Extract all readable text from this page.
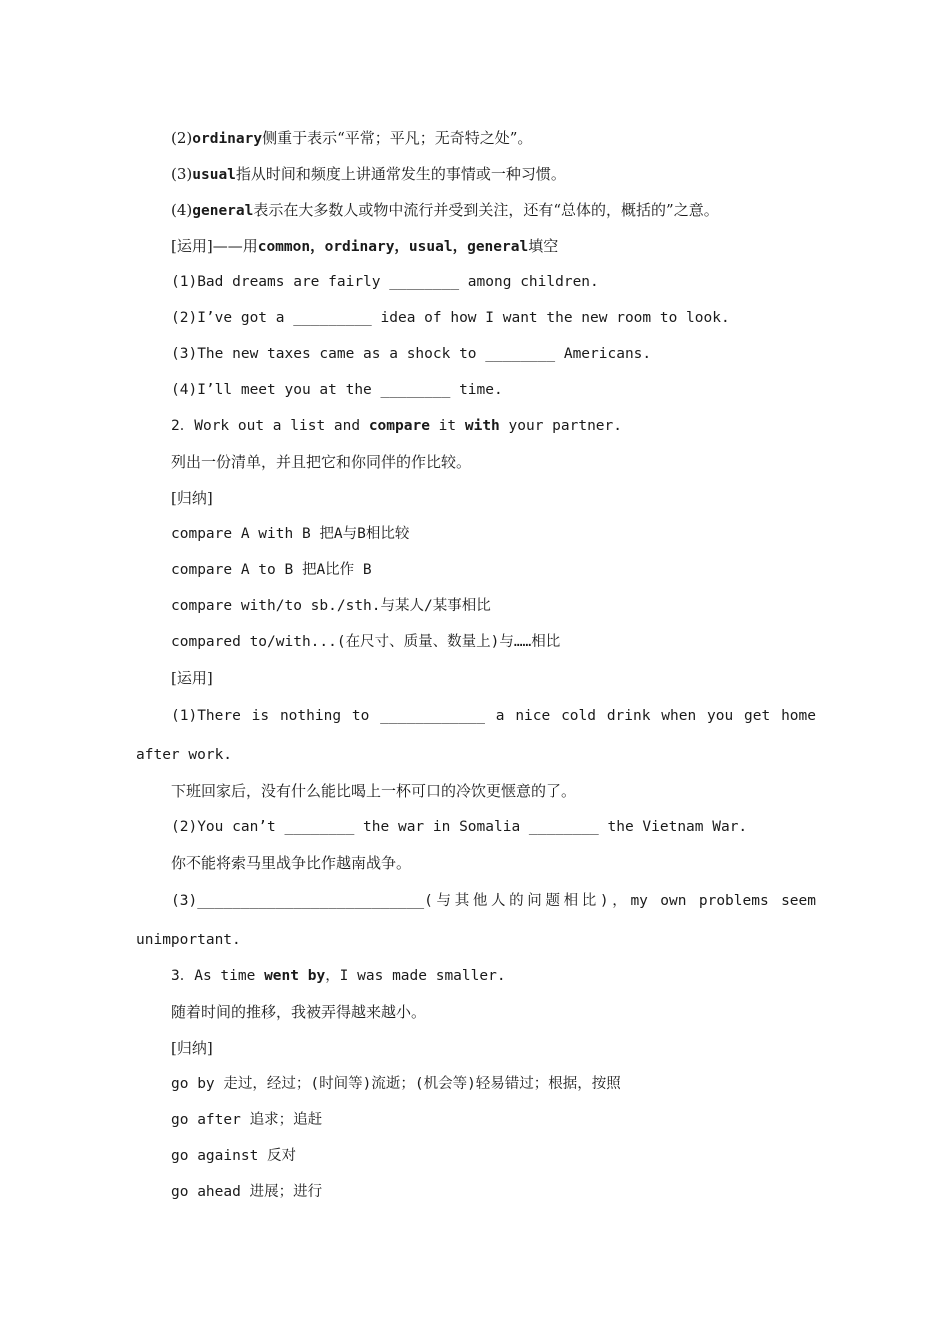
(2)ordinary侧重于表示“平常；平凡；无奇特之处”。
(3)usual指从时间和频度上讲通常发生的事情或一种习惯。
(4)general表示在大多数人或物中流行并受到关注，还有“总体的，概括的”之意。
[运用]——用common，ordinary，usual，general填空
(1)Bad dreams are fairly ________ among children.
(2)I’ve got a _________ idea of how I want the new room to look.
(3)The new taxes came as a shock to ________ Americans.
(4)I’ll meet you at the ________ time.
2．Work out a list and compare it with your partner.
列出一份清单，并且把它和你同伴的作比较。
[归纳]
compare A with B 把A与B相比较
compare A to B 把A比作 B
compare with/to sb./sth.与某人/某事相比
compared to/with...(在尺寸、质量、数量上)与……相比
[运用]
(1)There is nothing to ____________ a nice cold drink when you get home
after work.
下班回家后，没有什么能比喝上一杯可口的冷饮更惬意的了。
(2)You can’t ________ the war in Somalia ________ the Vietnam War.
你不能将索马里战争比作越南战争。
(3)__________________________(与其他人的问题相比)，my own problems seem
unimportant.
3．As time went by，I was made smaller.
随着时间的推移，我被弄得越来越小。
[归纳]
go by 走过，经过；(时间等)流逝；(机会等)轻易错过；根据，按照
go after 追求；追赶
go against 反对
go ahead 进展；进行
